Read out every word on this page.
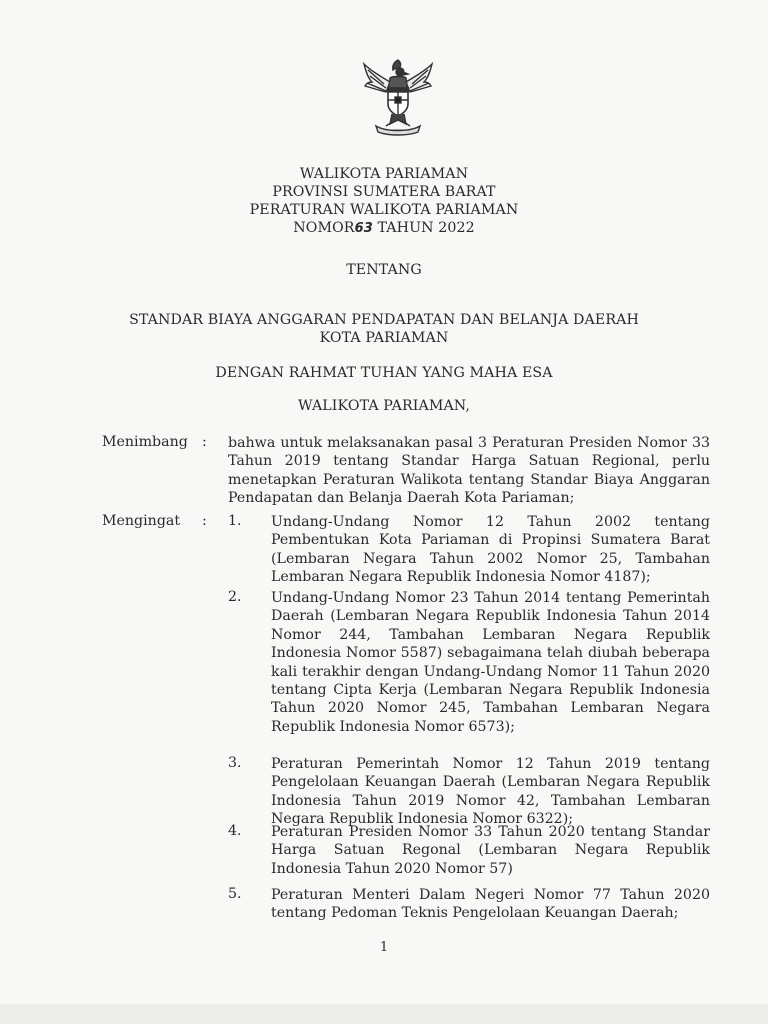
WALIKOTA PARIAMAN
PROVINSI SUMATERA BARAT
PERATURAN WALIKOTA PARIAMAN
NOMOR63 TAHUN 2022
TENTANG
STANDAR BIAYA ANGGARAN PENDAPATAN DAN BELANJA DAERAH
KOTA PARIAMAN
DENGAN RAHMAT TUHAN YANG MAHA ESA
WALIKOTA PARIAMAN,
Menimbang : bahwa untuk melaksanakan pasal 3 Peraturan Presiden Nomor 33 Tahun 2019 tentang Standar Harga Satuan Regional, perlu menetapkan Peraturan Walikota tentang Standar Biaya Anggaran Pendapatan dan Belanja Daerah Kota Pariaman;
Mengingat : 1. Undang-Undang Nomor 12 Tahun 2002 tentang Pembentukan Kota Pariaman di Propinsi Sumatera Barat (Lembaran Negara Tahun 2002 Nomor 25, Tambahan Lembaran Negara Republik Indonesia Nomor 4187);
2. Undang-Undang Nomor 23 Tahun 2014 tentang Pemerintah Daerah (Lembaran Negara Republik Indonesia Tahun 2014 Nomor 244, Tambahan Lembaran Negara Republik Indonesia Nomor 5587) sebagaimana telah diubah beberapa kali terakhir dengan Undang-Undang Nomor 11 Tahun 2020 tentang Cipta Kerja (Lembaran Negara Republik Indonesia Tahun 2020 Nomor 245, Tambahan Lembaran Negara Republik Indonesia Nomor 6573);
3. Peraturan Pemerintah Nomor 12 Tahun 2019 tentang Pengelolaan Keuangan Daerah (Lembaran Negara Republik Indonesia Tahun 2019 Nomor 42, Tambahan Lembaran Negara Republik Indonesia Nomor 6322);
4. Peraturan Presiden Nomor 33 Tahun 2020 tentang Standar Harga Satuan Regonal (Lembaran Negara Republik Indonesia Tahun 2020 Nomor 57)
5. Peraturan Menteri Dalam Negeri Nomor 77 Tahun 2020 tentang Pedoman Teknis Pengelolaan Keuangan Daerah;
1
